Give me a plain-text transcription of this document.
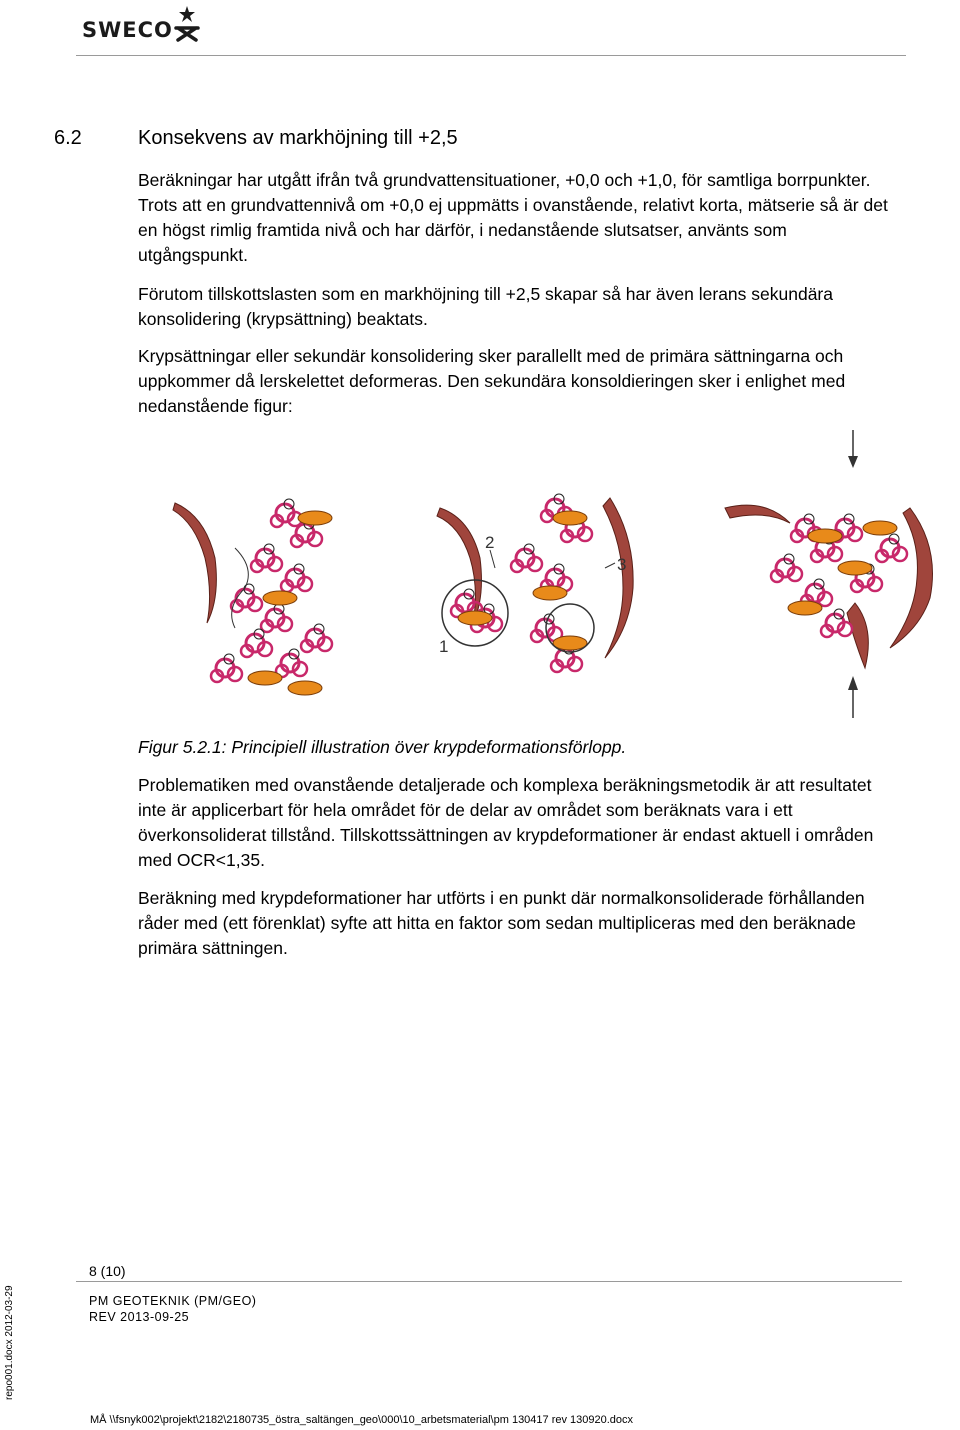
SWECO
6.2	Konsekvens av markhöjning till +2,5

Beräkningar har utgått ifrån två grundvattensituationer, +0,0 och +1,0, för samtliga borrpunkter. Trots att en grundvattennivå om +0,0 ej uppmätts i ovanstående, relativt korta, mätserie så är det en högst rimlig framtida nivå och har därför, i nedanstående slutsatser, använts som utgångspunkt.

Förutom tillskottslasten som en markhöjning till +2,5 skapar så har även lerans sekundära konsolidering (krypsättning) beaktats.

Krypsättningar eller sekundär konsolidering sker parallellt med de primära sättningarna och uppkommer då lerskelettet deformeras. Den sekundära konsoldieringen sker i enlighet med nedanstående figur:

2
3
1

Figur 5.2.1: Principiell illustration över krypdeformationsförlopp.

Problematiken med ovanstående detaljerade och komplexa beräkningsmetodik är att resultatet inte är applicerbart för hela området för de delar av området som beräknats vara i ett överkonsoliderat tillstånd. Tillskottssättningen av krypdeformationer är endast aktuell i områden med OCR<1,35.

Beräkning med krypdeformationer har utförts i en punkt där normalkonsoliderade förhållanden råder med (ett förenklat) syfte att hitta en faktor som sedan multipliceras med den beräknade primära sättningen.

8 (10)
PM GEOTEKNIK (PM/GEO)
REV 2013-09-25
repo001.docx 2012-03-29
MÅ \\fsnyk002\projekt\2182\2180735_östra_saltängen_geo\000\10_arbetsmaterial\pm 130417 rev 130920.docx
